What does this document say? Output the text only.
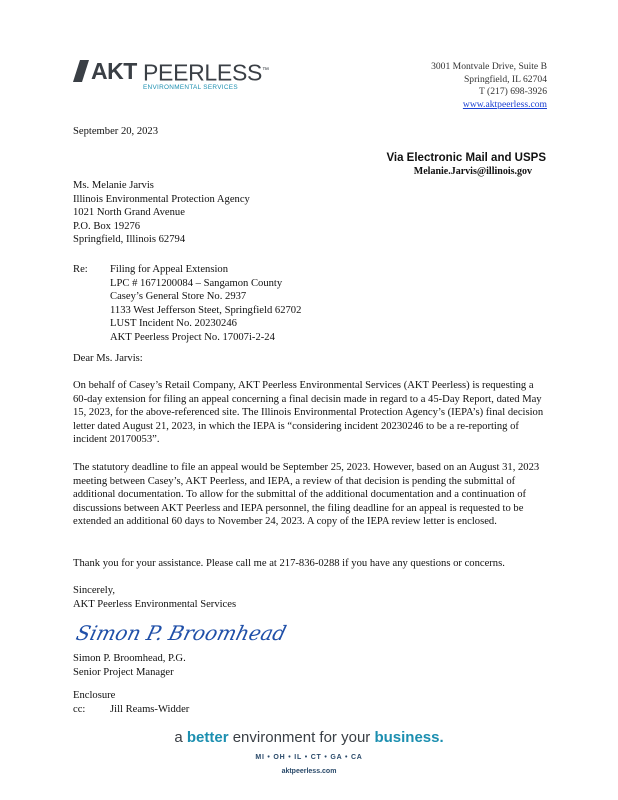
AKT PEERLESS™
ENVIRONMENTAL SERVICES
3001 Montvale Drive, Suite B
Springfield, IL 62704
T (217) 698-3926
www.aktpeerless.com
September 20, 2023
Via Electronic Mail and USPS
Melanie.Jarvis@illinois.gov
Ms. Melanie Jarvis
Illinois Environmental Protection Agency
1021 North Grand Avenue
P.O. Box 19276
Springfield, Illinois 62794
Re: Filing for Appeal Extension
LPC # 1671200084 – Sangamon County
Casey’s General Store No. 2937
1133 West Jefferson Steet, Springfield 62702
LUST Incident No. 20230246
AKT Peerless Project No. 17007i-2-24
Dear Ms. Jarvis:

On behalf of Casey’s Retail Company, AKT Peerless Environmental Services (AKT Peerless) is requesting a 60-day extension for filing an appeal concerning a final decisin made in regard to a 45-Day Report, dated May 15, 2023, for the above-referenced site. The Illinois Environmental Protection Agency’s (IEPA’s) final decision letter dated August 21, 2023, in which the IEPA is “considering incident 20230246 to be a re-reporting of incident 20170053”.

The statutory deadline to file an appeal would be September 25, 2023. However, based on an August 31, 2023 meeting between Casey’s, AKT Peerless, and IEPA, a review of that decision is pending the submittal of additional documentation. To allow for the submittal of the additional documentation and a continuation of discussions between AKT Peerless and IEPA personnel, the filing deadline for an appeal is requested to be extended an additional 60 days to November 24, 2023. A copy of the IEPA review letter is enclosed.

Thank you for your assistance. Please call me at 217-836-0288 if you have any questions or concerns.

Sincerely,
AKT Peerless Environmental Services
Simon P. Broomhead
Simon P. Broomhead, P.G.
Senior Project Manager
Enclosure
cc: Jill Reams-Widder
a better environment for your business.
MI • OH • IL • CT • GA • CA
aktpeerless.com
